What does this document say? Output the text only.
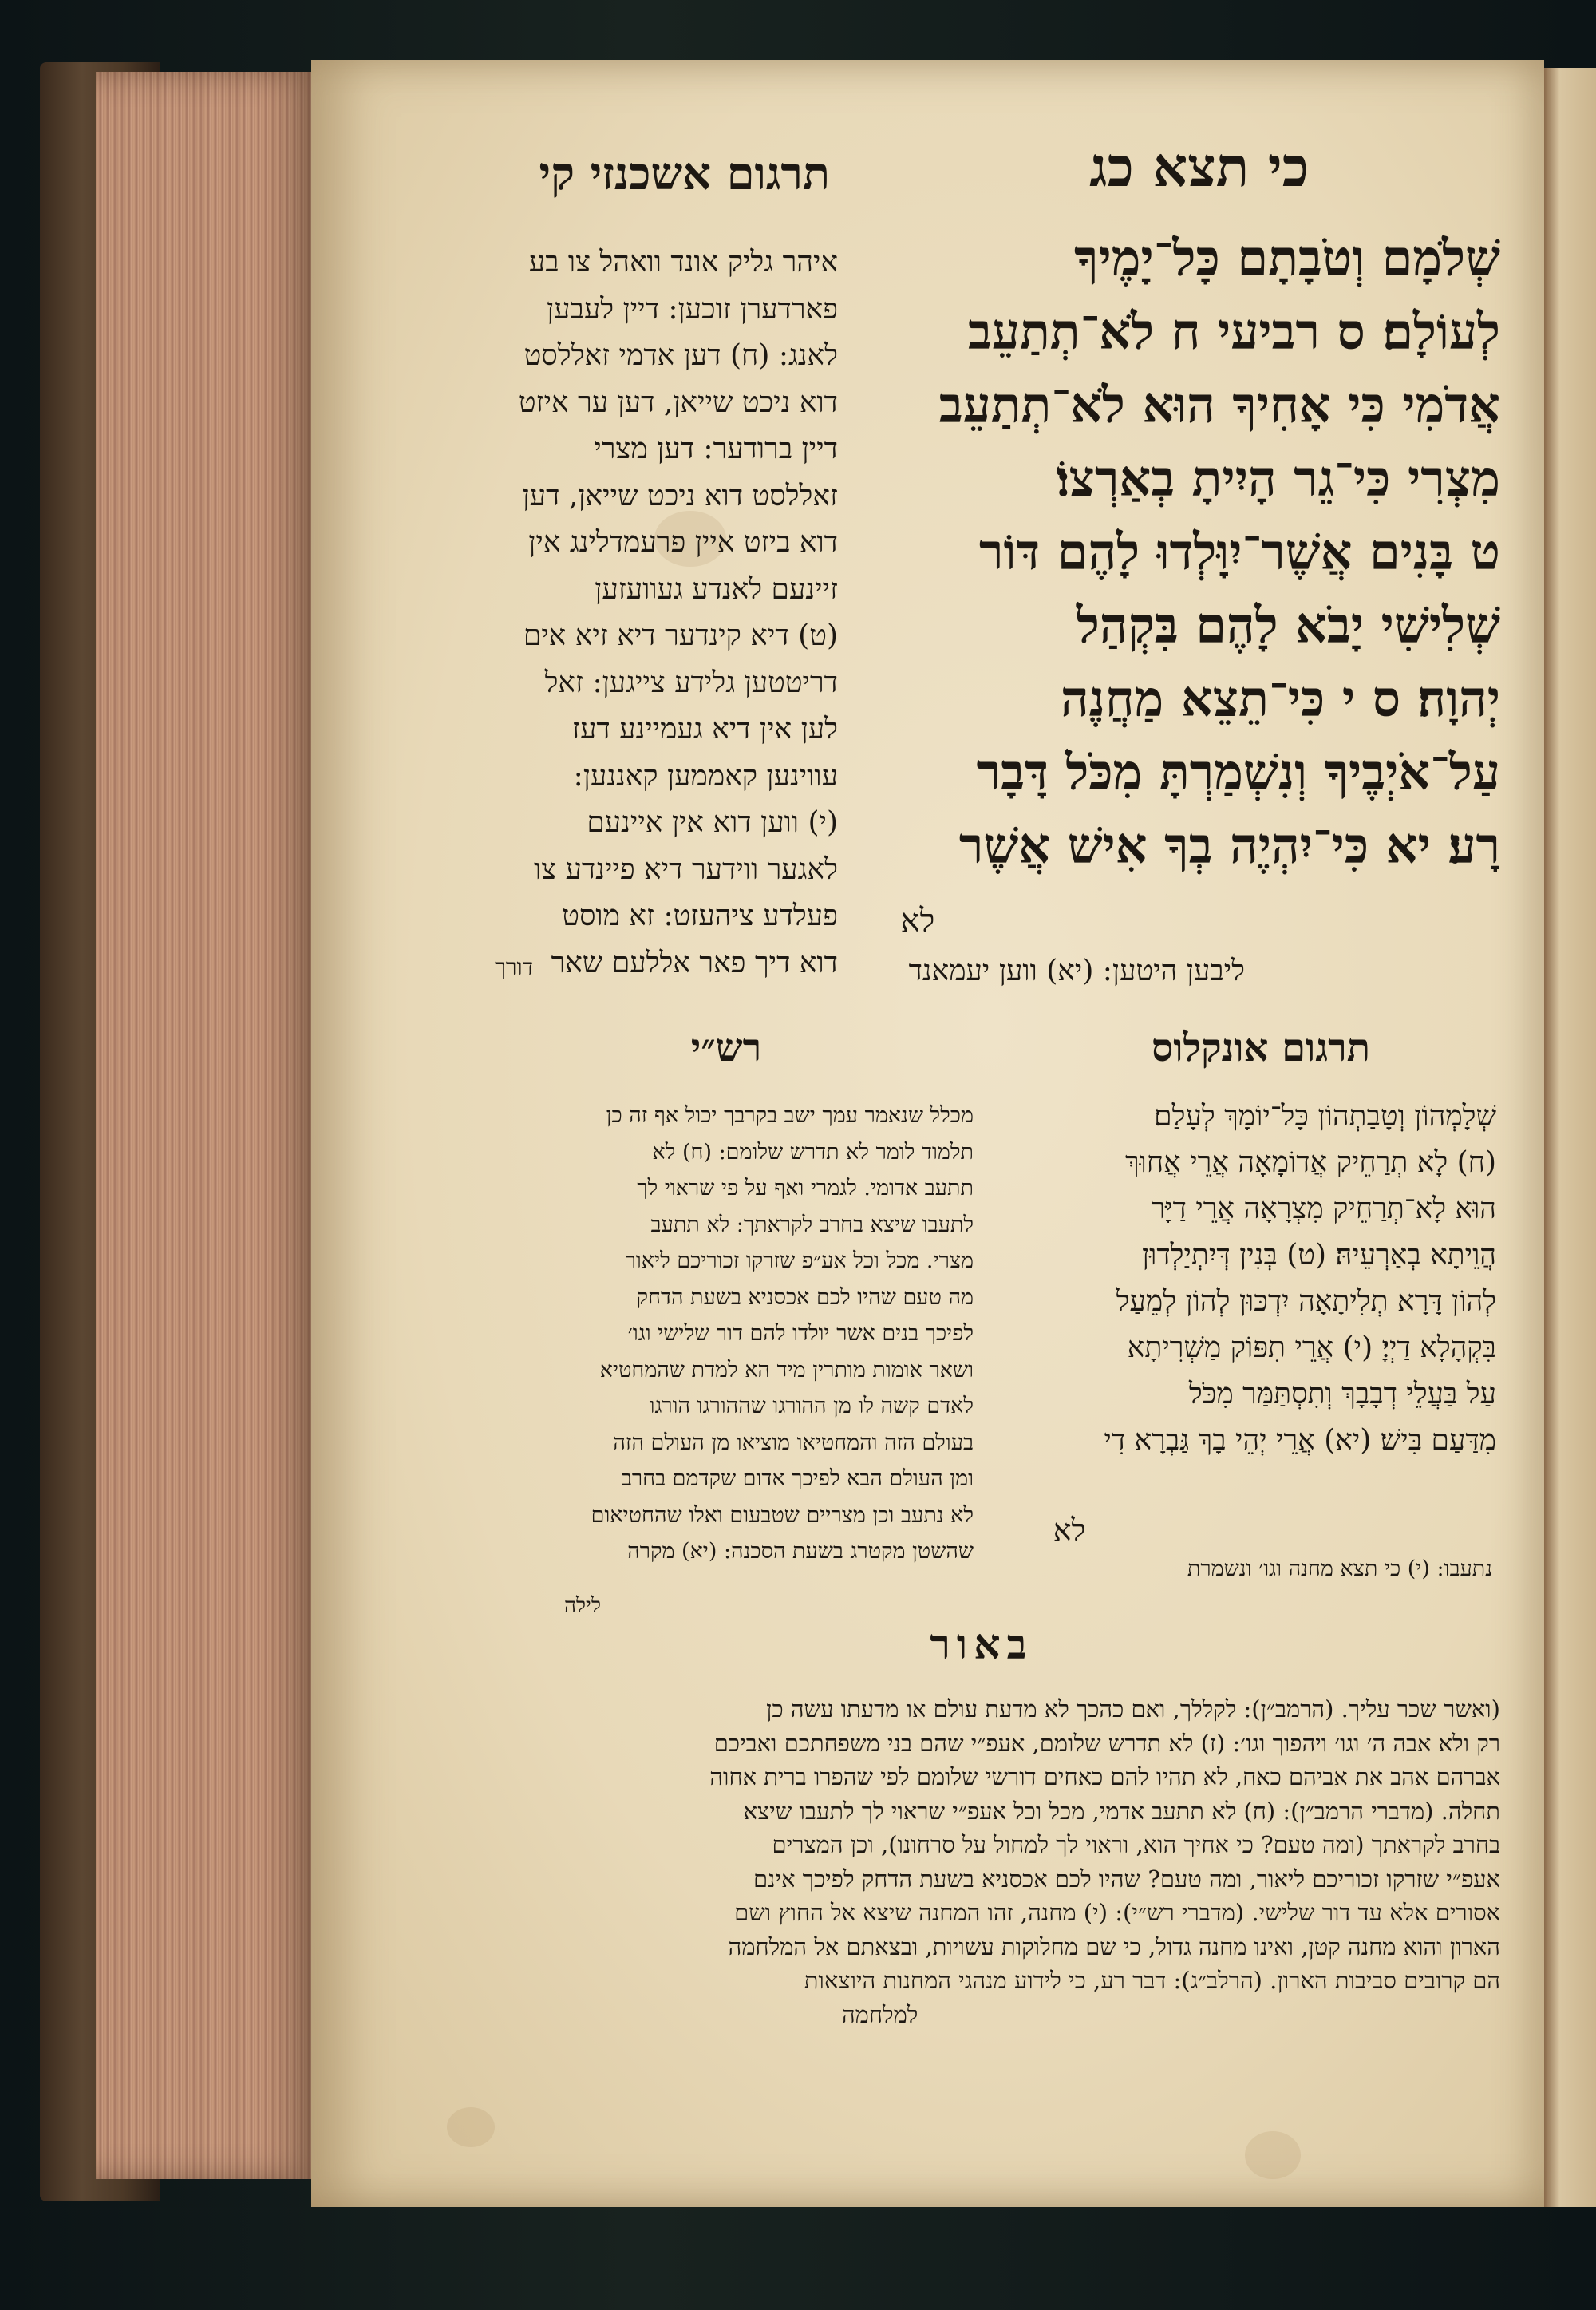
תרגום אשכנזי קי	כי תצא כג
שְׁלֹמָם וְטֹבָתָם כָּל־יָמֶיךָ
לְעוֹלָם׃ ס רביעי ח לֹא־תְתַעֵב
אֲדֹמִי כִּי אָחִיךָ הוּא לֹא־תְתַעֵב
מִצְרִי כִּי־גֵר הָיִיתָ בְאַרְצוֹ׃
ט בָּנִים אֲשֶׁר־יִוָּלְדוּ לָהֶם דּוֹר
שְׁלִישִׁי יָבֹא לָהֶם בִּקְהַל
יְהוָה׃ ס י כִּי־תֵצֵא מַחֲנֶה
עַל־אֹיְבֶיךָ וְנִשְׁמַרְתָּ מִכֹּל דָּבָר
רָע׃ יא כִּי־יִהְיֶה בְךָ אִישׁ אֲשֶׁר
לא
איהר גליק אונד וואהל צו בע
פארדערן זוכען: דיין לעבען
לאנג: (ח) דען אדמי זאללסט
דוא ניכט שייאן, דען ער איזט
דיין ברודער: דען מצרי
זאללסט דוא ניכט שייאן, דען
דוא ביזט איין פרעמדלינג אין
זיינעם לאנדע געוועזען
(ט) דיא קינדער דיא זיא אים
דריטטען גלידע צייגען: זאל
לען אין דיא געמיינע דעז
עווינען קאממען קאננען:
(י) ווען דוא אין איינעם
לאגער ווידער דיא פיינדע צו
פעלדע ציהעזט: זא מוסט
דוא דיך פאר אללעם שאר
דורך	ליבען היטען: (יא) ווען יעמאנד
תרגום אונקלוס
רש״י
שְׁלָמְהוֹן וְטָבַתְהוֹן כָּל־יוֹמָךְ לְעָלַם׃
(ח) לָא תְרַחֵיק אֲדוֹמָאָה אֲרֵי אֲחוּךְ
הוּא לָא־תְרַחֵיק מִצְרָאָה אֲרֵי דַיָּר
הֲוֵיתָא בְאַרְעֵיהּ׃ (ט) בְּנִין דְּיִתְיַלְדוּן
לְהוֹן דָּרָא תְלִיתָאָה יִדְכּוּן לְהוֹן לְמֵעַל
בִּקְהָלָא דַיְיָ׃ (י) אֲרֵי תִפּוֹק מַשְׁרִיתָא
עַל בַּעֲלֵי דְבָבָךְ וְתִסְתַּמַּר מִכֹּל
מִדַּעַם בִּישׁ׃ (יא) אֲרֵי יְהֵי בָךְ גַּבְרָא דִי
לא
מכלל שנאמר עמך ישב בקרבך יכול אף זה כן
תלמוד לומר לא תדרש שלומם: (ח) לא
תתעב אדומי. לגמרי ואף על פי שראוי לך
לתעבו שיצא בחרב לקראתך: לא תתעב
מצרי. מכל וכל אע״פ שזרקו זכוריכם ליאור
מה טעם שהיו לכם אכסניא בשעת הדחק
לפיכך בנים אשר יולדו להם דור שלישי וגו׳
ושאר אומות מותרין מיד הא למדת שהמחטיא
לאדם קשה לו מן ההורגו שההורגו הורגו
בעולם הזה והמחטיאו מוציאו מן העולם הזה
ומן העולם הבא לפיכך אדום שקדמם בחרב
לא נתעב וכן מצריים שטבעום ואלו שהחטיאום
שהשטן מקטרג בשעת הסכנה: (יא) מקרה
לילה
נתעבו: (י) כי תצא מחנה וגו׳ ונשמרת
באור
(ואשר שכר עליך. (הרמב״ן): לקללך, ואם כהכך לא מדעת עולם או מדעתו עשה כן
רק ולא אבה ה׳ וגו׳ ויהפוך וגו׳: (ז) לא תדרש שלומם, אעפ״י שהם בני משפחתכם ואביכם
אברהם אהב את אביהם כאח, לא תהיו להם כאחים דורשי שלומם לפי שהפרו ברית אחוה
תחלה. (מדברי הרמב״ן): (ח) לא תתעב אדמי, מכל וכל אעפ״י שראוי לך לתעבו שיצא
בחרב לקראתך (ומה טעם? כי אחיך הוא, וראוי לך למחול על סרחונו), וכן המצרים
אעפ״י שזרקו זכוריכם ליאור, ומה טעם? שהיו לכם אכסניא בשעת הדחק לפיכך אינם
אסורים אלא עד דור שלישי. (מדברי רש״י): (י) מחנה, זהו המחנה שיצא אל החוץ ושם
הארון והוא מחנה קטן, ואינו מחנה גדול, כי שם מחלוקות עשויות, ובצאתם אל המלחמה
הם קרובים סביבות הארון. (הרלב״ג): דבר רע, כי לידוע מנהגי המחנות היוצאות
למלחמה
